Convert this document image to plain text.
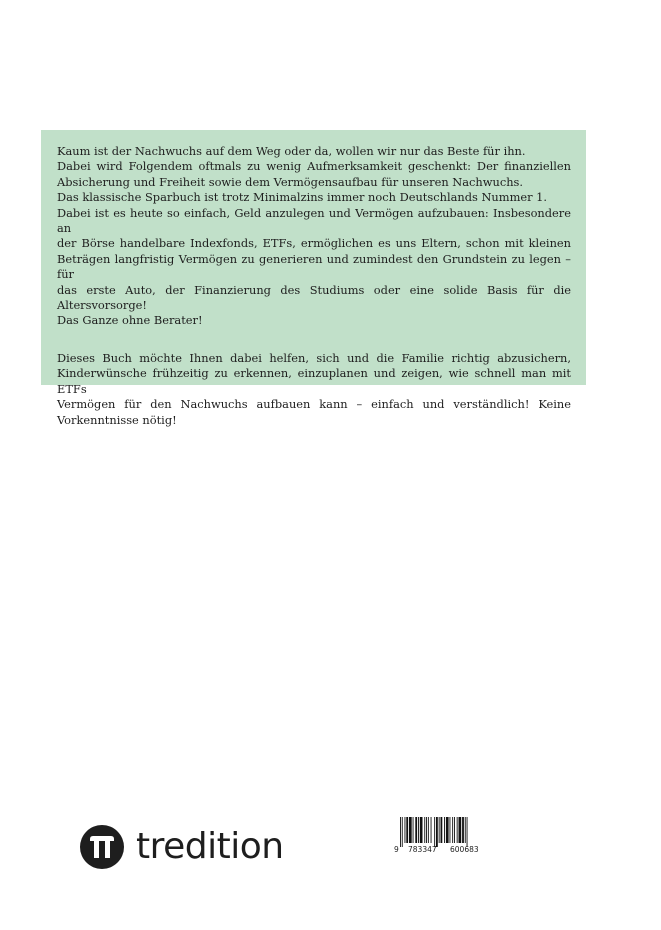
Kaum ist der Nachwuchs auf dem Weg oder da, wollen wir nur das Beste für ihn.
Dabei wird Folgendem oftmals zu wenig Aufmerksamkeit geschenkt: Der finanziellen
Absicherung und Freiheit sowie dem Vermögensaufbau für unseren Nachwuchs.
Das klassische Sparbuch ist trotz Minimalzins immer noch Deutschlands Nummer 1.
Dabei ist es heute so einfach, Geld anzulegen und Vermögen aufzubauen: Insbesondere an
der Börse handelbare Indexfonds, ETFs, ermöglichen es uns Eltern, schon mit kleinen
Beträgen langfristig Vermögen zu generieren und zumindest den Grundstein zu legen – für
das erste Auto, der Finanzierung des Studiums oder eine solide Basis für die Altersvorsorge!
Das Ganze ohne Berater!
Dieses Buch möchte Ihnen dabei helfen, sich und die Familie richtig abzusichern,
Kinderwünsche frühzeitig zu erkennen, einzuplanen und zeigen, wie schnell man mit ETFs
Vermögen für den Nachwuchs aufbauen kann – einfach und verständlich! Keine
Vorkenntnisse nötig!
tredition	9 783347 600683
